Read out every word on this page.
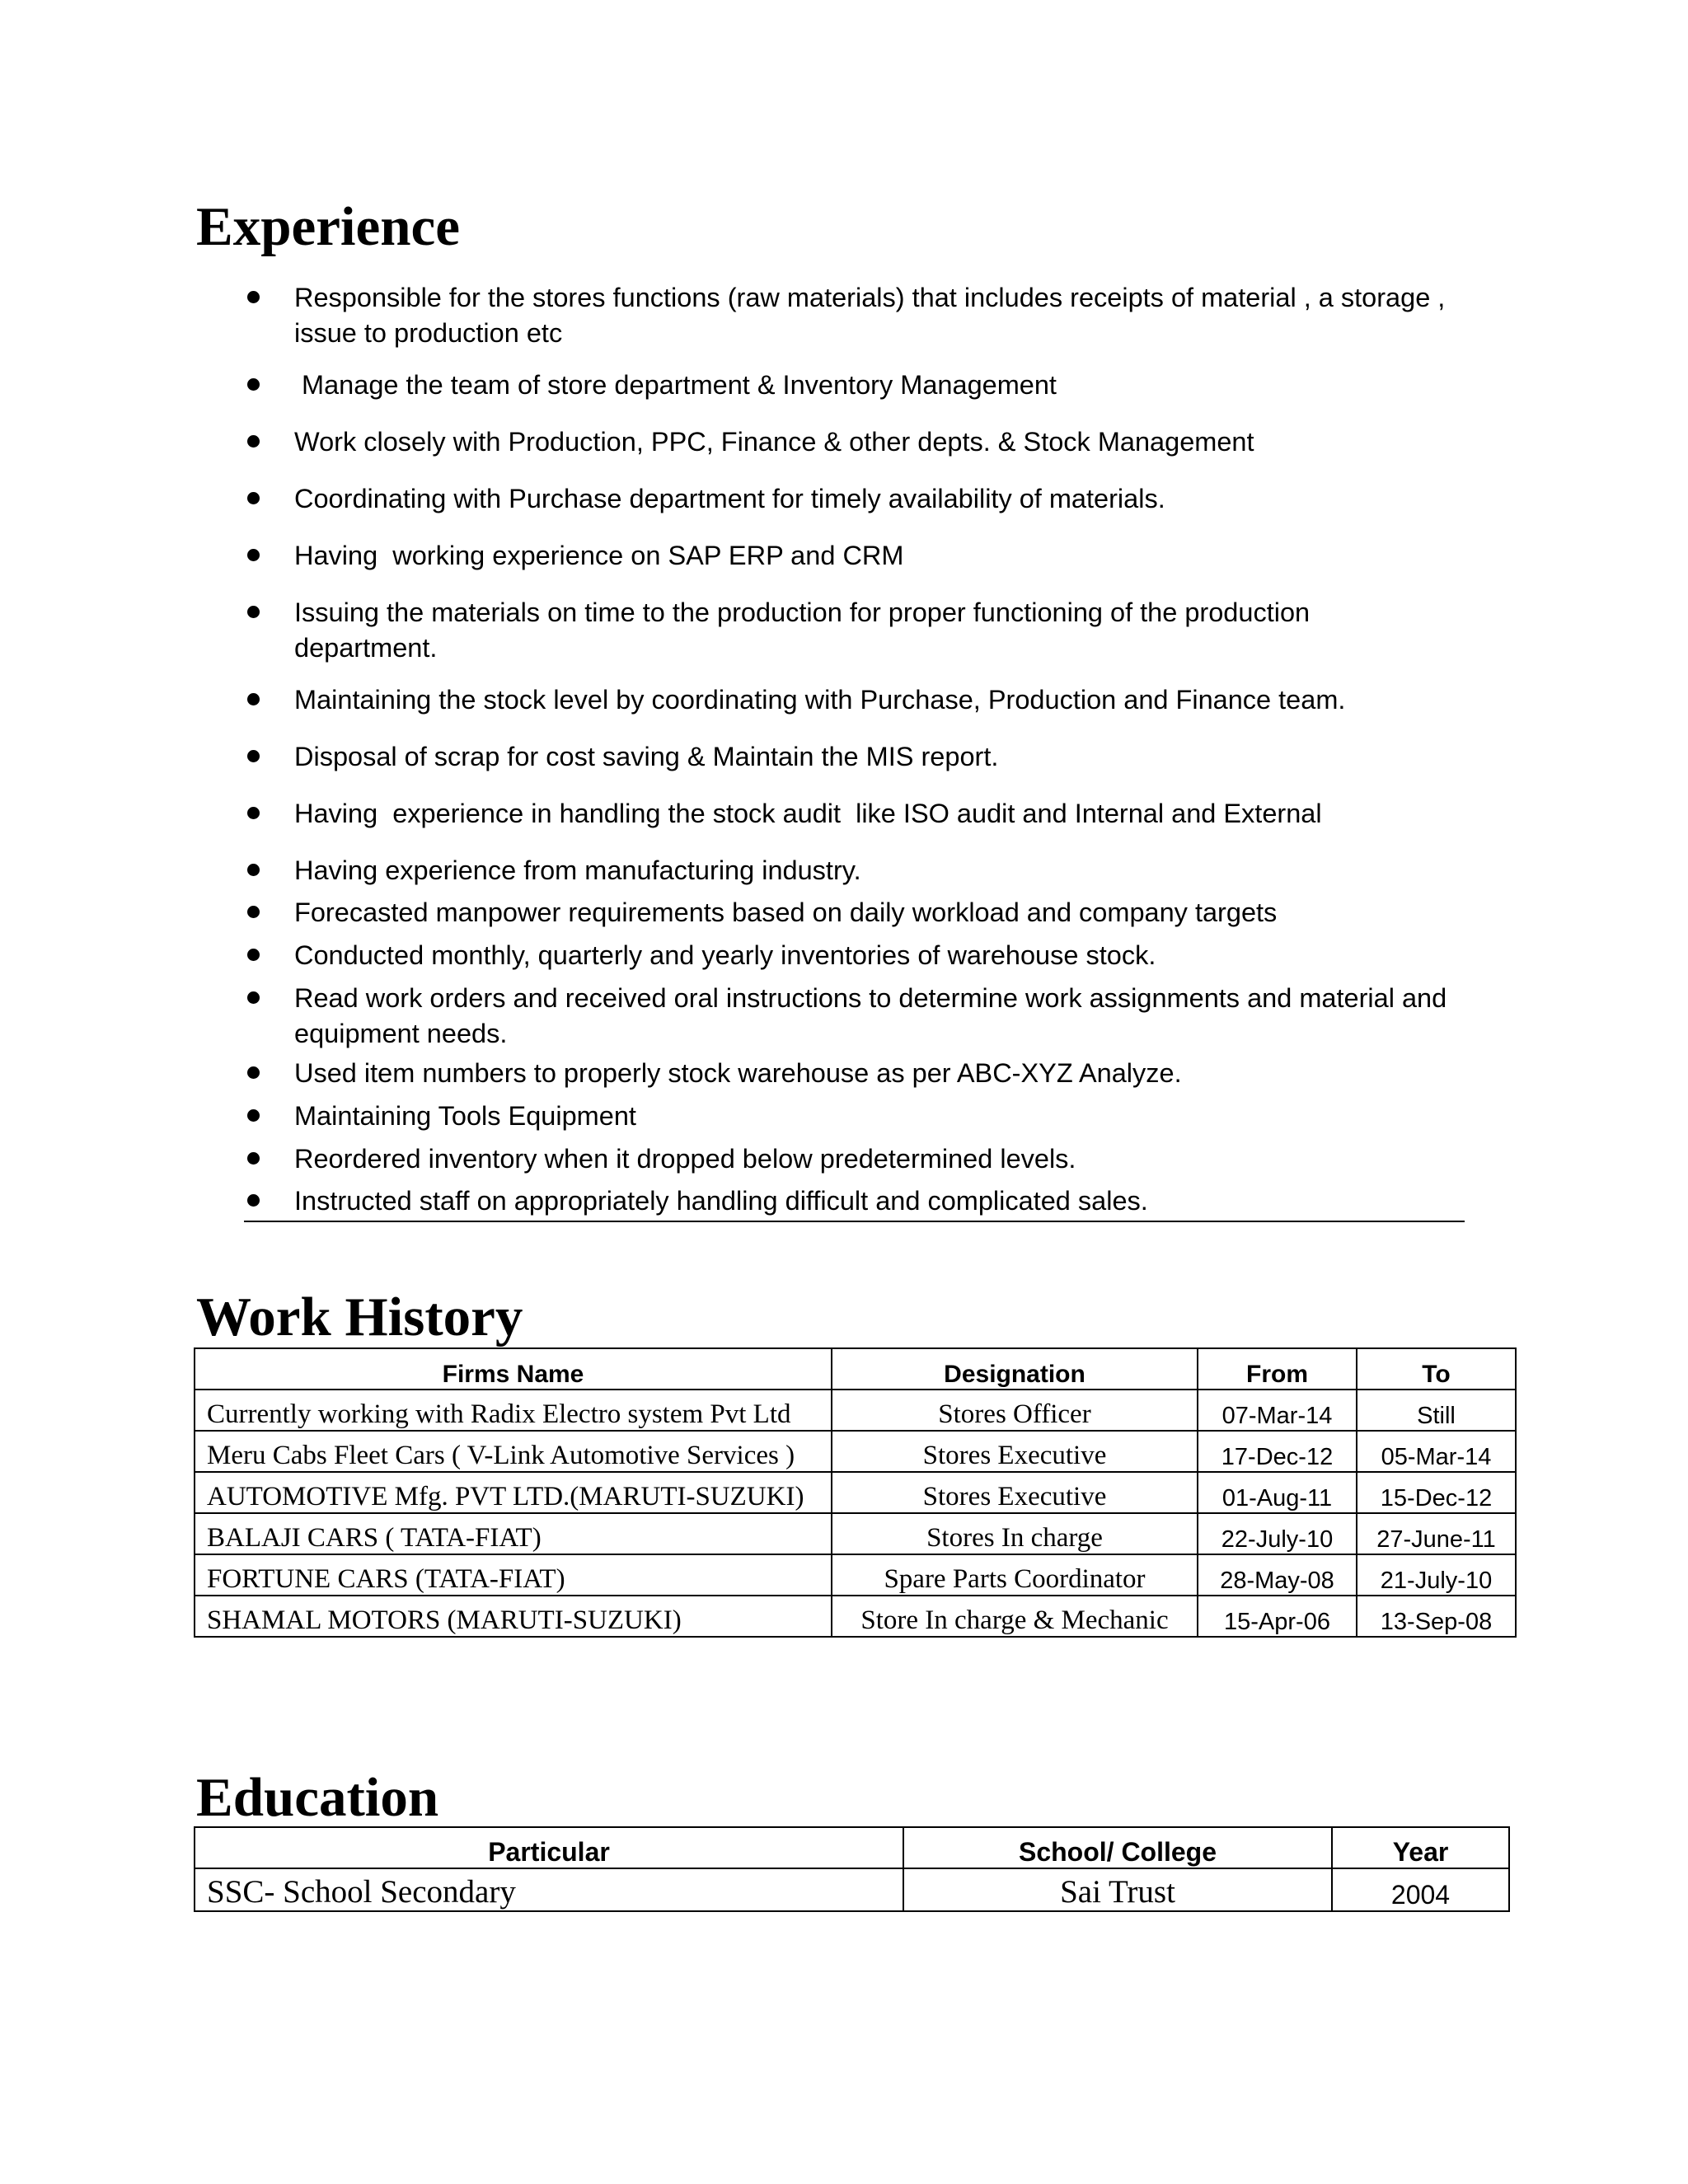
Experience
Responsible for the stores functions (raw materials) that includes receipts of material , a storage , issue to production etc
Manage the team of store department & Inventory Management
Work closely with Production, PPC, Finance & other depts. & Stock Management
Coordinating with Purchase department for timely availability of materials.
Having  working experience on SAP ERP and CRM
Issuing the materials on time to the production for proper functioning of the production department.
Maintaining the stock level by coordinating with Purchase, Production and Finance team.
Disposal of scrap for cost saving & Maintain the MIS report.
Having  experience in handling the stock audit  like ISO audit and Internal and External
Having experience from manufacturing industry.
Forecasted manpower requirements based on daily workload and company targets
Conducted monthly, quarterly and yearly inventories of warehouse stock.
Read work orders and received oral instructions to determine work assignments and material and equipment needs.
Used item numbers to properly stock warehouse as per ABC-XYZ Analyze.
Maintaining Tools Equipment
Reordered inventory when it dropped below predetermined levels.
Instructed staff on appropriately handling difficult and complicated sales.
Work History
Firms Name	Designation	From	To
Currently working with Radix Electro system Pvt Ltd	Stores Officer	07-Mar-14	Still
Meru Cabs Fleet Cars ( V-Link Automotive Services )	Stores Executive	17-Dec-12	05-Mar-14
AUTOMOTIVE Mfg. PVT LTD.(MARUTI-SUZUKI)	Stores Executive	01-Aug-11	15-Dec-12
BALAJI CARS ( TATA-FIAT)	Stores In charge	22-July-10	27-June-11
FORTUNE CARS (TATA-FIAT)	Spare Parts Coordinator	28-May-08	21-July-10
SHAMAL MOTORS (MARUTI-SUZUKI)	Store In charge & Mechanic	15-Apr-06	13-Sep-08
Education
Particular	School/ College	Year
SSC- School Secondary	Sai Trust	2004
